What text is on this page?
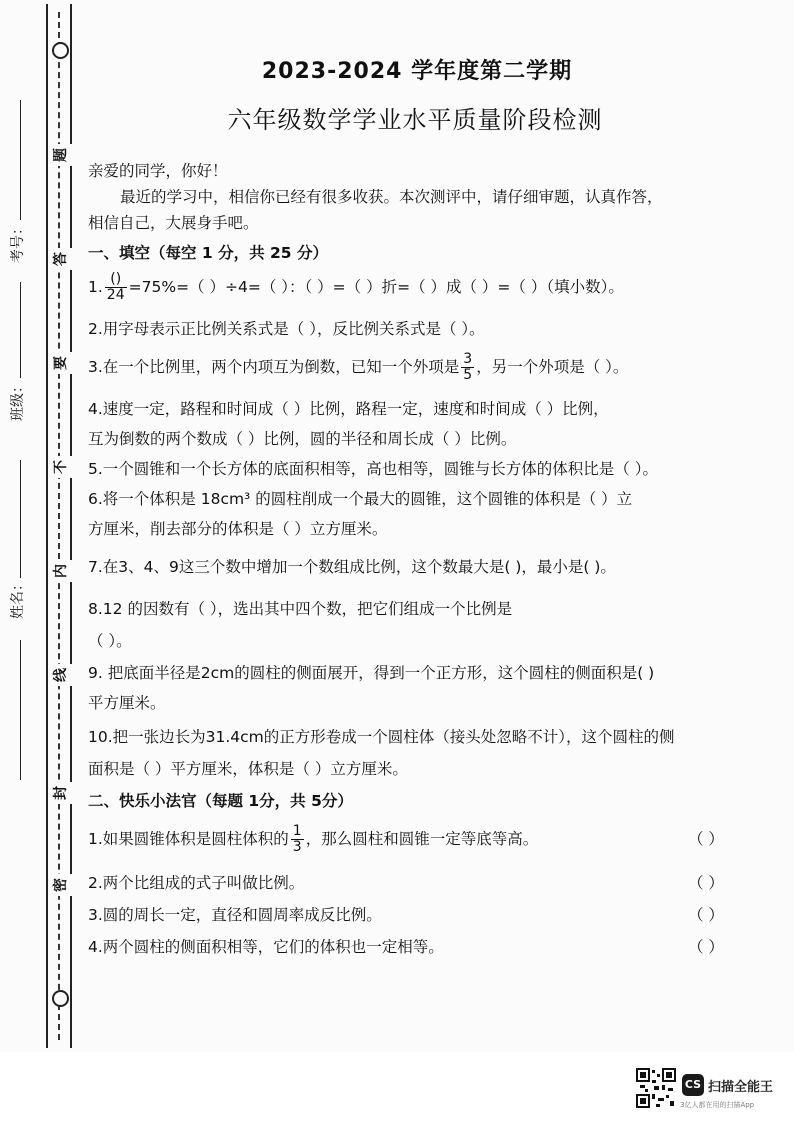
题
答
要
不
内
线
封
密
考号：
班级：
姓名：
2023-2024 学年度第二学期
六年级数学学业水平质量阶段检测
亲爱的同学，你好！
最近的学习中，相信你已经有很多收获。本次测评中，请仔细审题，认真作答，
相信自己，大展身手吧。
一、填空（每空 1 分，共 25 分）
1. $\frac{()}{24} =75\%=$（ ）÷4=（ ）：（ ）=（ ）折=（ ）成（ ）=（ ）（填小数）。
2.用字母表示正比例关系式是（ ），反比例关系式是（ ）。
3.在一个比例里，两个内项互为倒数，已知一个外项是 $\frac{3}{5}$ ，另一个外项是（ ）。
4.速度一定，路程和时间成（ ）比例，路程一定，速度和时间成（ ）比例，
互为倒数的两个数成（ ）比例，圆的半径和周长成（ ）比例。
5.一个圆锥和一个长方体的底面积相等，高也相等，圆锥与长方体的体积比是（ ）。
6.将一个体积是 18cm³ 的圆柱削成一个最大的圆锥，这个圆锥的体积是（ ）立
方厘米，削去部分的体积是（ ）立方厘米。
7.在3、4、9这三个数中增加一个数组成比例，这个数最大是( )，最小是( )。
8.12 的因数有（ ），选出其中四个数，把它们组成一个比例是
（ ）。
9. 把底面半径是2cm的圆柱的侧面展开，得到一个正方形，这个圆柱的侧面积是( )
平方厘米。
10.把一张边长为31.4cm的正方形卷成一个圆柱体（接头处忽略不计），这个圆柱的侧
面积是（ ）平方厘米，体积是（ ）立方厘米。
二、快乐小法官（每题 1分，共 5分）
1.如果圆锥体积是圆柱体积的 $\frac{1}{3}$ ，那么圆柱和圆锥一定等底等高。	（ ）
2.两个比组成的式子叫做比例。	（ ）
3.圆的周长一定，直径和圆周率成反比例。	（ ）
4.两个圆柱的侧面积相等，它们的体积也一定相等。	（ ）
CS 扫描全能王
3亿人都在用的扫描App
